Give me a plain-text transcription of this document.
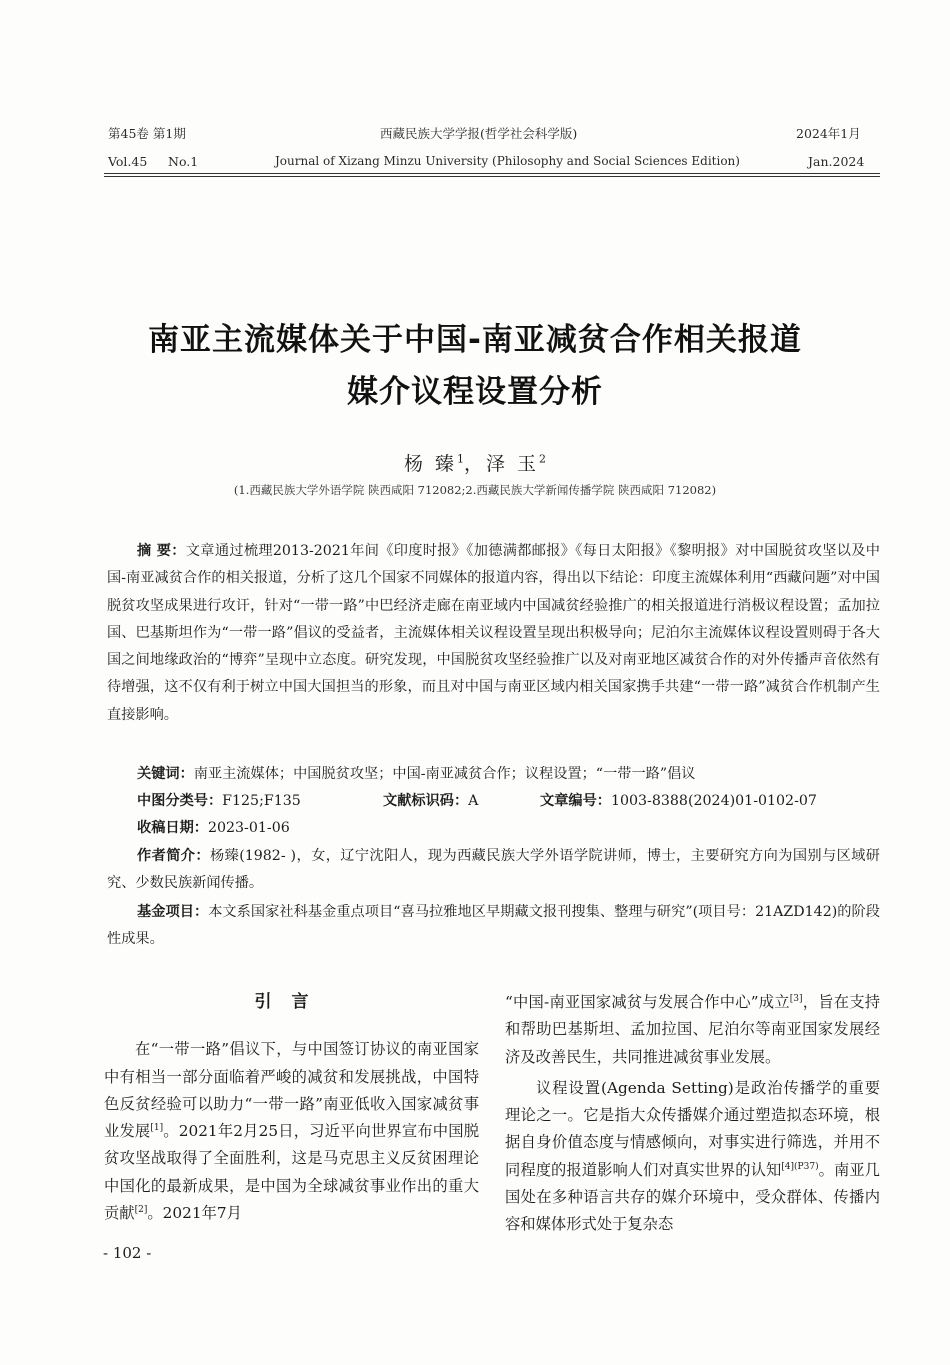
第45卷 第1期	西藏民族大学学报(哲学社会科学版)	2024年1月
Vol.45 No.1	Journal of Xizang Minzu University (Philosophy and Social Sciences Edition)	Jan.2024
南亚主流媒体关于中国-南亚减贫合作相关报道
媒介议程设置分析
杨 臻$^1$，泽 玉$^2$
(1.西藏民族大学外语学院 陕西咸阳 712082;2.西藏民族大学新闻传播学院 陕西咸阳 712082)

摘 要：文章通过梳理2013-2021年间《印度时报》《加德满都邮报》《每日太阳报》《黎明报》对中国脱贫攻坚以及中国-南亚减贫合作的相关报道，分析了这几个国家不同媒体的报道内容，得出以下结论：印度主流媒体利用“西藏问题”对中国脱贫攻坚成果进行攻讦，针对“一带一路”中巴经济走廊在南亚域内中国减贫经验推广的相关报道进行消极议程设置；孟加拉国、巴基斯坦作为“一带一路”倡议的受益者，主流媒体相关议程设置呈现出积极导向；尼泊尔主流媒体议程设置则碍于各大国之间地缘政治的“博弈”呈现中立态度。研究发现，中国脱贫攻坚经验推广以及对南亚地区减贫合作的对外传播声音依然有待增强，这不仅有利于树立中国大国担当的形象，而且对中国与南亚区域内相关国家携手共建“一带一路”减贫合作机制产生直接影响。

关键词：南亚主流媒体；中国脱贫攻坚；中国-南亚减贫合作；议程设置；“一带一路”倡议
中图分类号：F125;F135	文献标识码：A	文章编号：1003-8388(2024)01-0102-07
收稿日期：2023-01-06

作者简介：杨臻(1982- )，女，辽宁沈阳人，现为西藏民族大学外语学院讲师，博士，主要研究方向为国别与区域研究、少数民族新闻传播。

基金项目：本文系国家社科基金重点项目“喜马拉雅地区早期藏文报刊搜集、整理与研究”(项目号：21AZD142)的阶段性成果。

引言

在“一带一路”倡议下，与中国签订协议的南亚国家中有相当一部分面临着严峻的减贫和发展挑战，中国特色反贫经验可以助力“一带一路”南亚低收入国家减贫事业发展[1]。2021年2月25日，习近平向世界宣布中国脱贫攻坚战取得了全面胜利，这是马克思主义反贫困理论中国化的最新成果，是中国为全球减贫事业作出的重大贡献[2]。2021年7月

“中国-南亚国家减贫与发展合作中心”成立[3]，旨在支持和帮助巴基斯坦、孟加拉国、尼泊尔等南亚国家发展经济及改善民生，共同推进减贫事业发展。

议程设置(Agenda Setting)是政治传播学的重要理论之一。它是指大众传播媒介通过塑造拟态环境，根据自身价值态度与情感倾向，对事实进行筛选，并用不同程度的报道影响人们对真实世界的认知$^{[4](P37)}$。南亚几国处在多种语言共存的媒介环境中，受众群体、传播内容和媒体形式处于复杂态

- 102 -
